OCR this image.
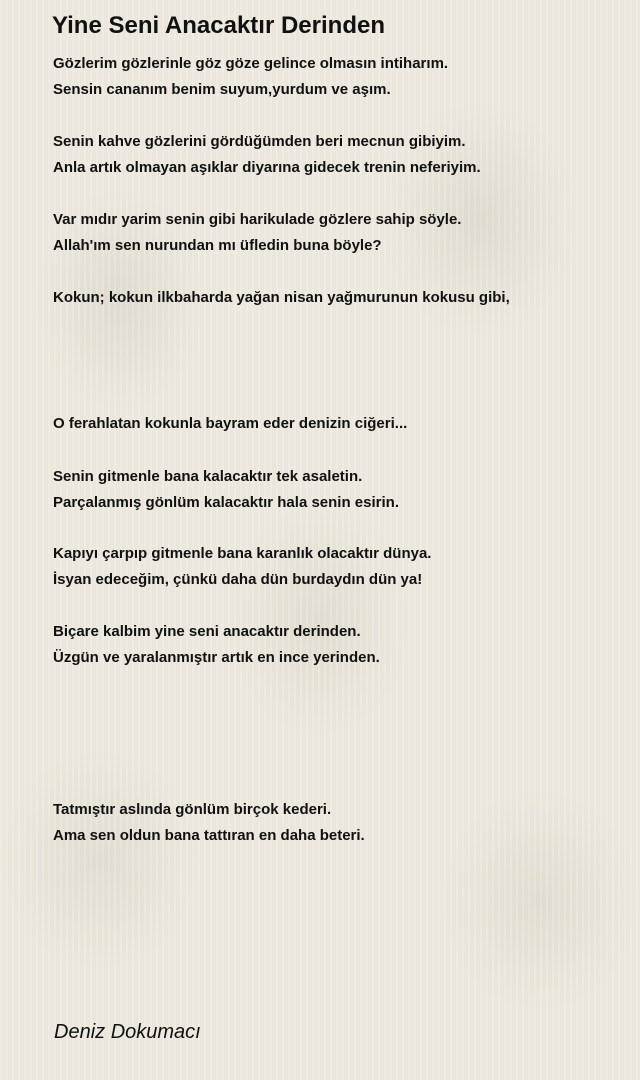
Yine Seni Anacaktır Derinden

Gözlerim gözlerinle göz göze gelince olmasın intiharım.
Sensin cananım benim suyum,yurdum ve aşım.

Senin kahve gözlerini gördüğümden beri mecnun gibiyim.
Anla artık olmayan aşıklar diyarına gidecek trenin neferiyim.

Var mıdır yarim senin gibi harikulade gözlere sahip söyle.
Allah'ım sen nurundan mı üfledin buna böyle?

Kokun; kokun ilkbaharda yağan nisan yağmurunun kokusu gibi,

O ferahlatan kokunla bayram eder denizin ciğeri...

Senin gitmenle bana kalacaktır tek asaletin.
Parçalanmış gönlüm kalacaktır hala senin esirin.

Kapıyı çarpıp gitmenle bana karanlık olacaktır dünya.
İsyan edeceğim, çünkü daha dün burdaydın dün ya!

Biçare kalbim yine seni anacaktır derinden.
Üzgün ve yaralanmıştır artık en ince yerinden.

Tatmıştır aslında gönlüm birçok kederi.
Ama sen oldun bana tattıran en daha beteri.

Deniz Dokumacı
